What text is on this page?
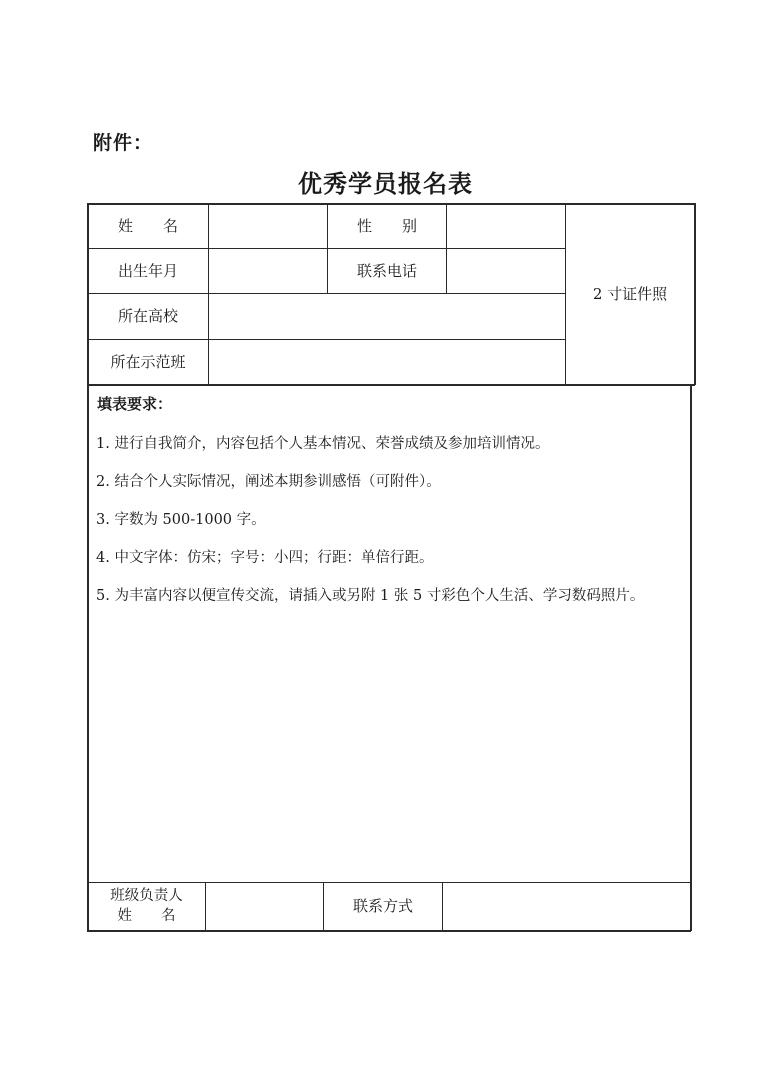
附件：
优秀学员报名表
姓　　名	性　　别
出生年月	联系电话
所在高校
所在示范班
2 寸证件照
填表要求：
1. 进行自我简介，内容包括个人基本情况、荣誉成绩及参加培训情况。
2. 结合个人实际情况，阐述本期参训感悟（可附件）。
3. 字数为 500-1000 字。
4. 中文字体：仿宋；字号：小四；行距：单倍行距。
5. 为丰富内容以便宣传交流，请插入或另附 1 张 5 寸彩色个人生活、学习数码照片。
班级负责人
姓　　名
联系方式
